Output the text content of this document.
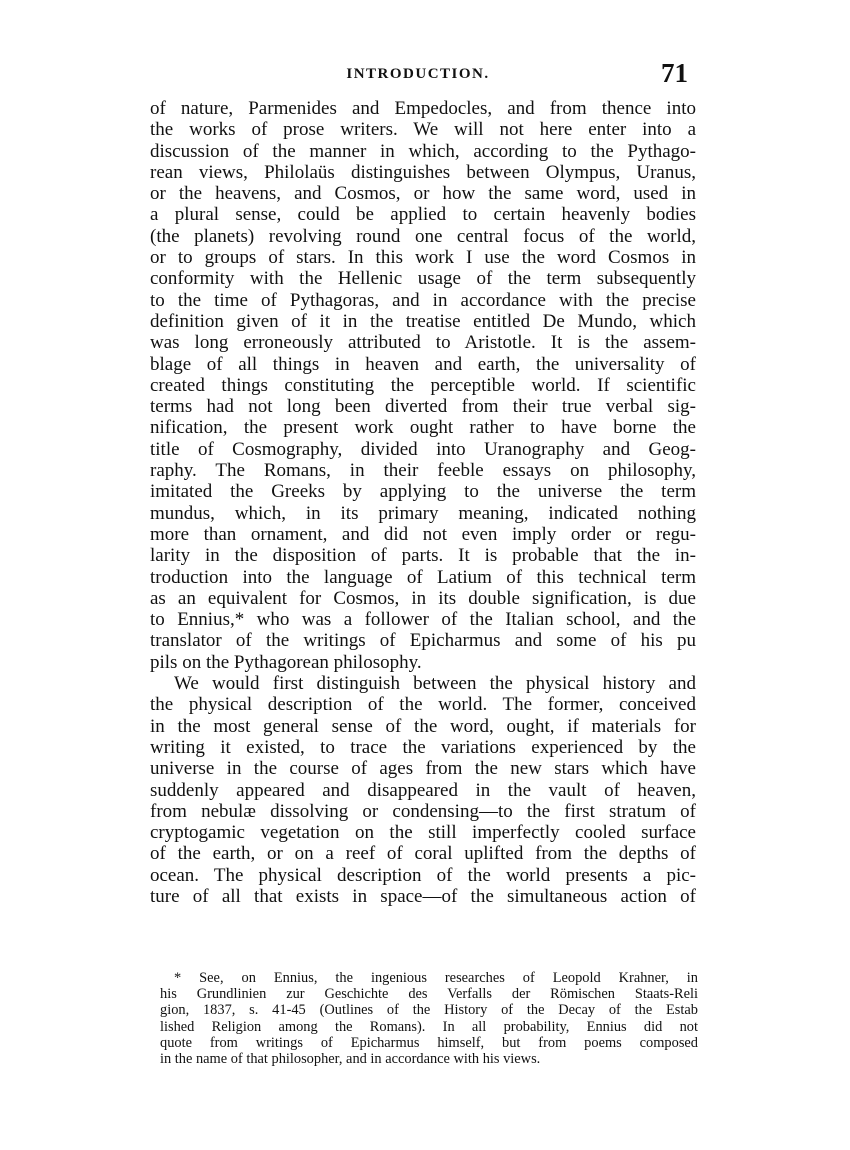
INTRODUCTION.	71
of nature, Parmenides and Empedocles, and from thence into
the works of prose writers. We will not here enter into a
discussion of the manner in which, according to the Pythago-
rean views, Philolaüs distinguishes between Olympus, Uranus,
or the heavens, and Cosmos, or how the same word, used in
a plural sense, could be applied to certain heavenly bodies
(the planets) revolving round one central focus of the world,
or to groups of stars. In this work I use the word Cosmos in
conformity with the Hellenic usage of the term subsequently
to the time of Pythagoras, and in accordance with the precise
definition given of it in the treatise entitled De Mundo, which
was long erroneously attributed to Aristotle. It is the assem-
blage of all things in heaven and earth, the universality of
created things constituting the perceptible world. If scientific
terms had not long been diverted from their true verbal sig-
nification, the present work ought rather to have borne the
title of Cosmography, divided into Uranography and Geog-
raphy. The Romans, in their feeble essays on philosophy,
imitated the Greeks by applying to the universe the term
mundus, which, in its primary meaning, indicated nothing
more than ornament, and did not even imply order or regu-
larity in the disposition of parts. It is probable that the in-
troduction into the language of Latium of this technical term
as an equivalent for Cosmos, in its double signification, is due
to Ennius,* who was a follower of the Italian school, and the
translator of the writings of Epicharmus and some of his pu
pils on the Pythagorean philosophy.
We would first distinguish between the physical history and
the physical description of the world. The former, conceived
in the most general sense of the word, ought, if materials for
writing it existed, to trace the variations experienced by the
universe in the course of ages from the new stars which have
suddenly appeared and disappeared in the vault of heaven,
from nebulæ dissolving or condensing—to the first stratum of
cryptogamic vegetation on the still imperfectly cooled surface
of the earth, or on a reef of coral uplifted from the depths of
ocean. The physical description of the world presents a pic-
ture of all that exists in space—of the simultaneous action of
* See, on Ennius, the ingenious researches of Leopold Krahner, in
his Grundlinien zur Geschichte des Verfalls der Römischen Staats-Reli
gion, 1837, s. 41-45 (Outlines of the History of the Decay of the Estab
lished Religion among the Romans). In all probability, Ennius did not
quote from writings of Epicharmus himself, but from poems composed
in the name of that philosopher, and in accordance with his views.
